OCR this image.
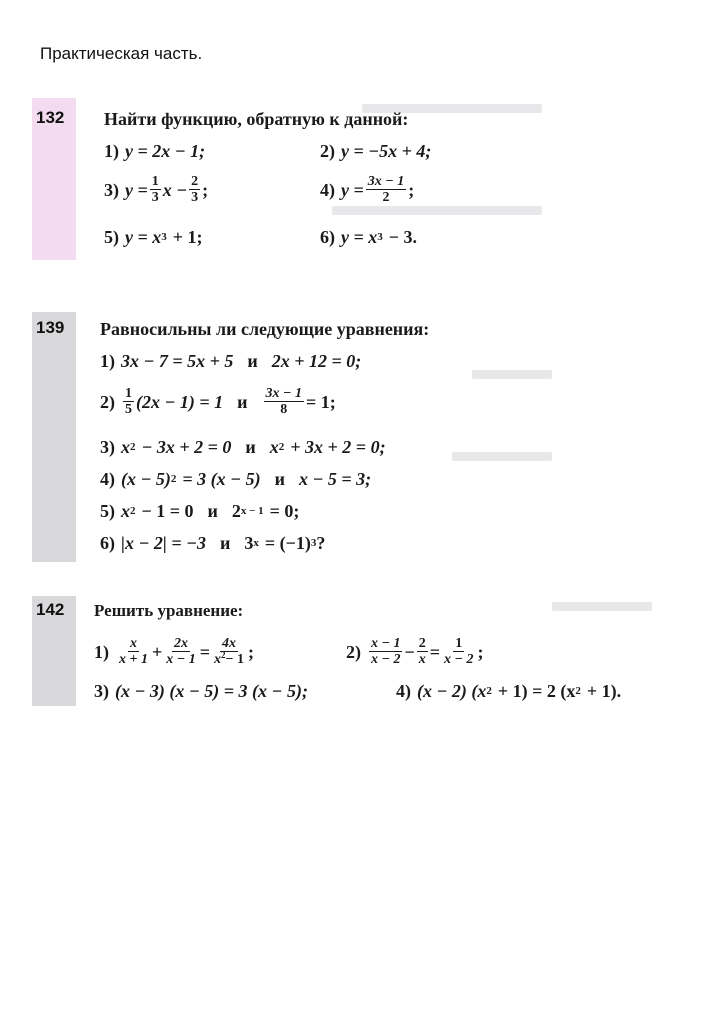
Практическая часть.
132 Найти функцию, обратную к данной:
1) y = 2x − 1;	2) y = −5x + 4;
3) $y = \frac{1}{3}$ $x - \frac{2}{3}$ ;	4) $y = \frac{3x - 1}{2}$ ;
5) y = x 3 + 1;	6) y = x 3 − 3.
139 Равносильны ли следующие уравнения:
1) 3x − 7 = 5x + 5 и 2x + 12 = 0;
$2) \frac{1}{5} (2x - 1) = 1$ и $\frac{3x - 1}{8} = 1$;
3) x 2 − 3x + 2 = 0 и x 2 + 3x + 2 = 0;
4) (x − 5) 2 = 3 (x − 5) и x − 5 = 3;
5) x 2 − 1 = 0 и 2 x − 1 = 0;
6) |x − 2| = −3 и 3 x = (−1) 3 ?
142 Решить уравнение:
$1) \frac{x}{x + 1} + \frac{2x}{x - 1} = \frac{4x}{x^2- 1}$ ;	$2) \frac{x - 1}{x - 2} - \frac{2}{x} = \frac{1}{x - 2}$ ;
3) (x − 3) (x − 5) = 3 (x − 5);	4) (x − 2) (x 2 + 1) = 2 (x 2 + 1).
